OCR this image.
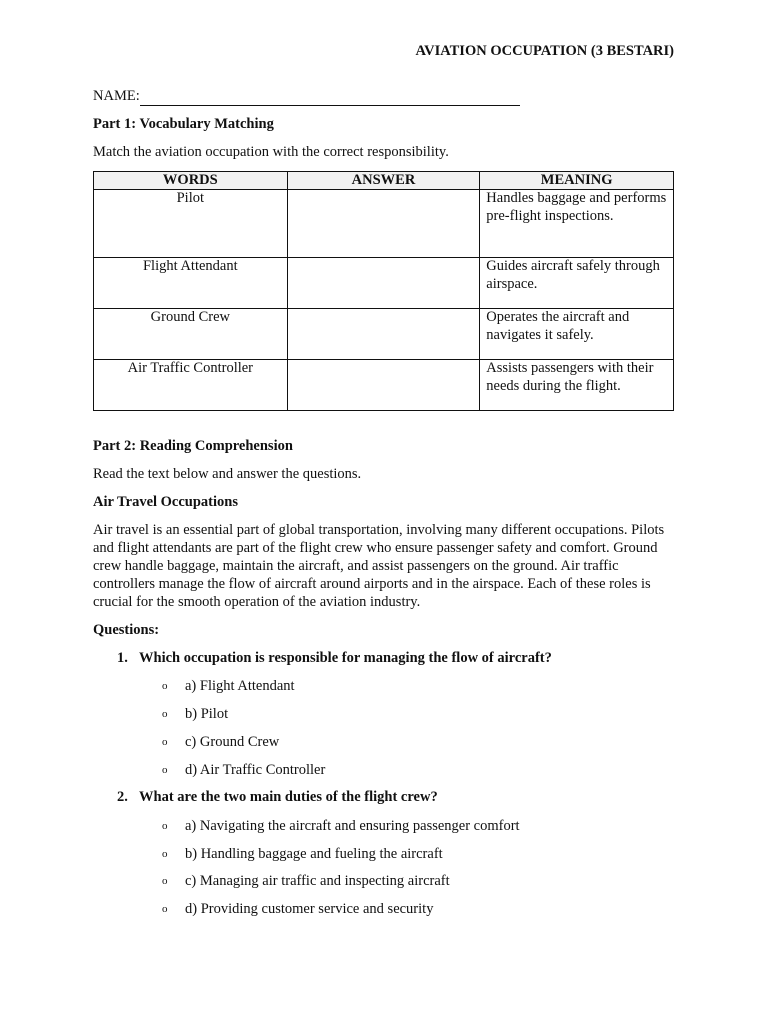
AVIATION OCCUPATION (3 BESTARI)
NAME:
Part 1: Vocabulary Matching
Match the aviation occupation with the correct responsibility.
WORDS	ANSWER	MEANING
Pilot		Handles baggage and performs pre-flight inspections.
Flight Attendant		Guides aircraft safely through airspace.
Ground Crew		Operates the aircraft and navigates it safely.
Air Traffic Controller		Assists passengers with their needs during the flight.
Part 2: Reading Comprehension
Read the text below and answer the questions.
Air Travel Occupations
Air travel is an essential part of global transportation, involving many different occupations. Pilots and flight attendants are part of the flight crew who ensure passenger safety and comfort. Ground crew handle baggage, maintain the aircraft, and assist passengers on the ground. Air traffic controllers manage the flow of aircraft around airports and in the airspace. Each of these roles is crucial for the smooth operation of the aviation industry.
Questions:
1. Which occupation is responsible for managing the flow of aircraft?
o a) Flight Attendant
o b) Pilot
o c) Ground Crew
o d) Air Traffic Controller
2. What are the two main duties of the flight crew?
o a) Navigating the aircraft and ensuring passenger comfort
o b) Handling baggage and fueling the aircraft
o c) Managing air traffic and inspecting aircraft
o d) Providing customer service and security
